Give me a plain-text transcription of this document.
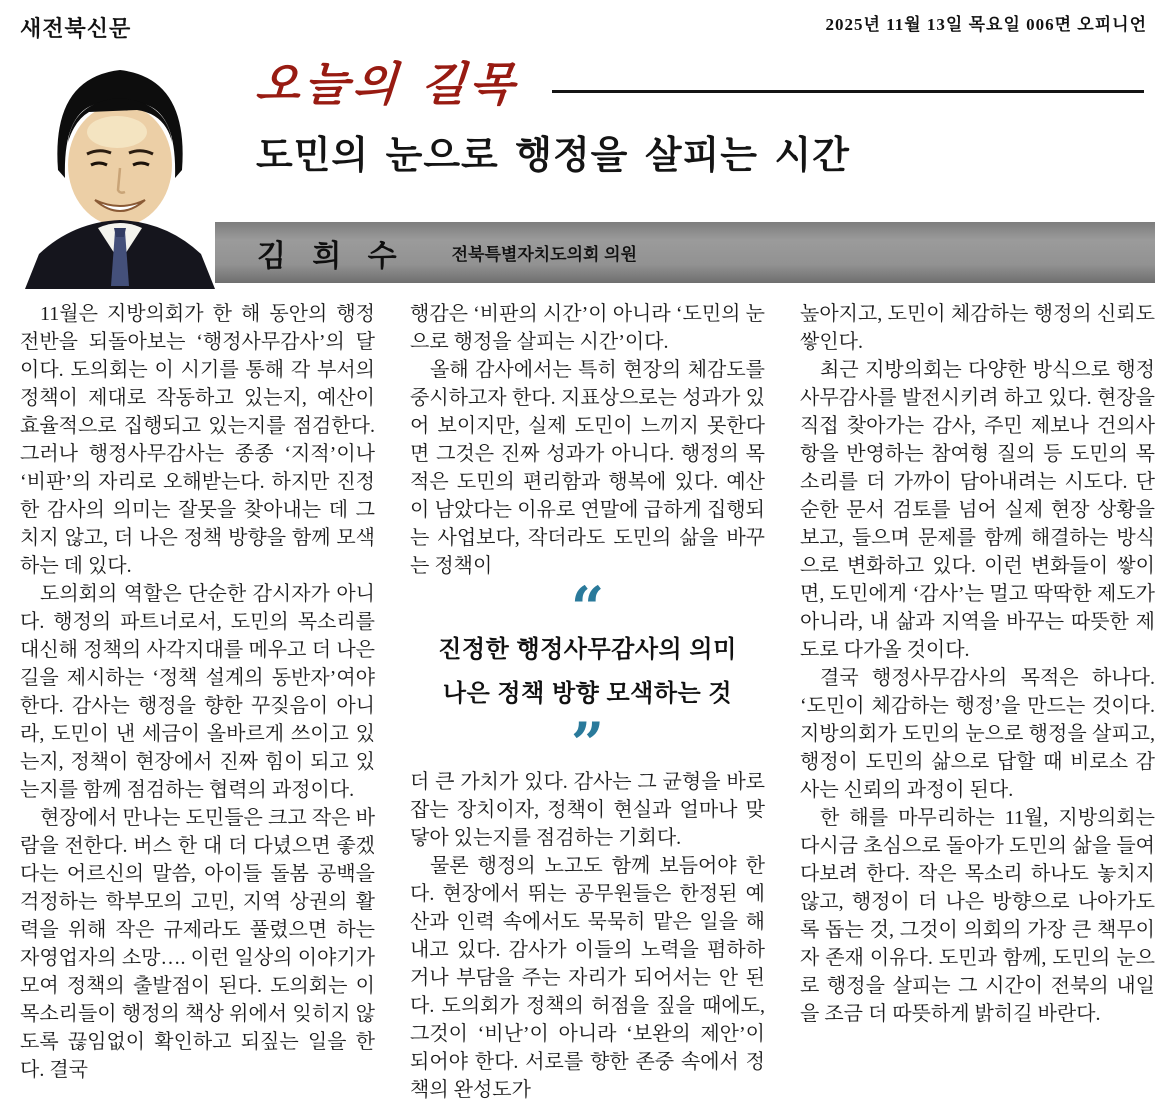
새전북신문	2025년 11월 13일 목요일 006면 오피니언
오늘의 길목
도민의 눈으로 행정을 살피는 시간
김 희 수	전북특별자치도의회 의원

11월은 지방의회가 한 해 동안의 행정 전반을 되돌아보는 ‘행정사무감사’의 달이다. 도의회는 이 시기를 통해 각 부서의 정책이 제대로 작동하고 있는지, 예산이 효율적으로 집행되고 있는지를 점검한다. 그러나 행정사무감사는 종종 ‘지적’이나 ‘비판’의 자리로 오해받는다. 하지만 진정한 감사의 의미는 잘못을 찾아내는 데 그치지 않고, 더 나은 정책 방향을 함께 모색하는 데 있다.

도의회의 역할은 단순한 감시자가 아니다. 행정의 파트너로서, 도민의 목소리를 대신해 정책의 사각지대를 메우고 더 나은 길을 제시하는 ‘정책 설계의 동반자’여야 한다. 감사는 행정을 향한 꾸짖음이 아니라, 도민이 낸 세금이 올바르게 쓰이고 있는지, 정책이 현장에서 진짜 힘이 되고 있는지를 함께 점검하는 협력의 과정이다.

현장에서 만나는 도민들은 크고 작은 바람을 전한다. 버스 한 대 더 다녔으면 좋겠다는 어르신의 말씀, 아이들 돌봄 공백을 걱정하는 학부모의 고민, 지역 상권의 활력을 위해 작은 규제라도 풀렸으면 하는 자영업자의 소망…. 이런 일상의 이야기가 모여 정책의 출발점이 된다. 도의회는 이 목소리들이 행정의 책상 위에서 잊히지 않도록 끊임없이 확인하고 되짚는 일을 한다. 결국

행감은 ‘비판의 시간’이 아니라 ‘도민의 눈으로 행정을 살피는 시간’이다.

올해 감사에서는 특히 현장의 체감도를 중시하고자 한다. 지표상으로는 성과가 있어 보이지만, 실제 도민이 느끼지 못한다면 그것은 진짜 성과가 아니다. 행정의 목적은 도민의 편리함과 행복에 있다. 예산이 남았다는 이유로 연말에 급하게 집행되는 사업보다, 작더라도 도민의 삶을 바꾸는 정책이

“
진정한 행정사무감사의 의미
나은 정책 방향 모색하는 것
”

더 큰 가치가 있다. 감사는 그 균형을 바로잡는 장치이자, 정책이 현실과 얼마나 맞닿아 있는지를 점검하는 기회다.

물론 행정의 노고도 함께 보듬어야 한다. 현장에서 뛰는 공무원들은 한정된 예산과 인력 속에서도 묵묵히 맡은 일을 해내고 있다. 감사가 이들의 노력을 폄하하거나 부담을 주는 자리가 되어서는 안 된다. 도의회가 정책의 허점을 짚을 때에도, 그것이 ‘비난’이 아니라 ‘보완의 제안’이 되어야 한다. 서로를 향한 존중 속에서 정책의 완성도가

높아지고, 도민이 체감하는 행정의 신뢰도 쌓인다.

최근 지방의회는 다양한 방식으로 행정사무감사를 발전시키려 하고 있다. 현장을 직접 찾아가는 감사, 주민 제보나 건의사항을 반영하는 참여형 질의 등 도민의 목소리를 더 가까이 담아내려는 시도다. 단순한 문서 검토를 넘어 실제 현장 상황을 보고, 들으며 문제를 함께 해결하는 방식으로 변화하고 있다. 이런 변화들이 쌓이면, 도민에게 ‘감사’는 멀고 딱딱한 제도가 아니라, 내 삶과 지역을 바꾸는 따뜻한 제도로 다가올 것이다.

결국 행정사무감사의 목적은 하나다. ‘도민이 체감하는 행정’을 만드는 것이다. 지방의회가 도민의 눈으로 행정을 살피고, 행정이 도민의 삶으로 답할 때 비로소 감사는 신뢰의 과정이 된다.

한 해를 마무리하는 11월, 지방의회는 다시금 초심으로 돌아가 도민의 삶을 들여다보려 한다. 작은 목소리 하나도 놓치지 않고, 행정이 더 나은 방향으로 나아가도록 돕는 것, 그것이 의회의 가장 큰 책무이자 존재 이유다. 도민과 함께, 도민의 눈으로 행정을 살피는 그 시간이 전북의 내일을 조금 더 따뜻하게 밝히길 바란다.
